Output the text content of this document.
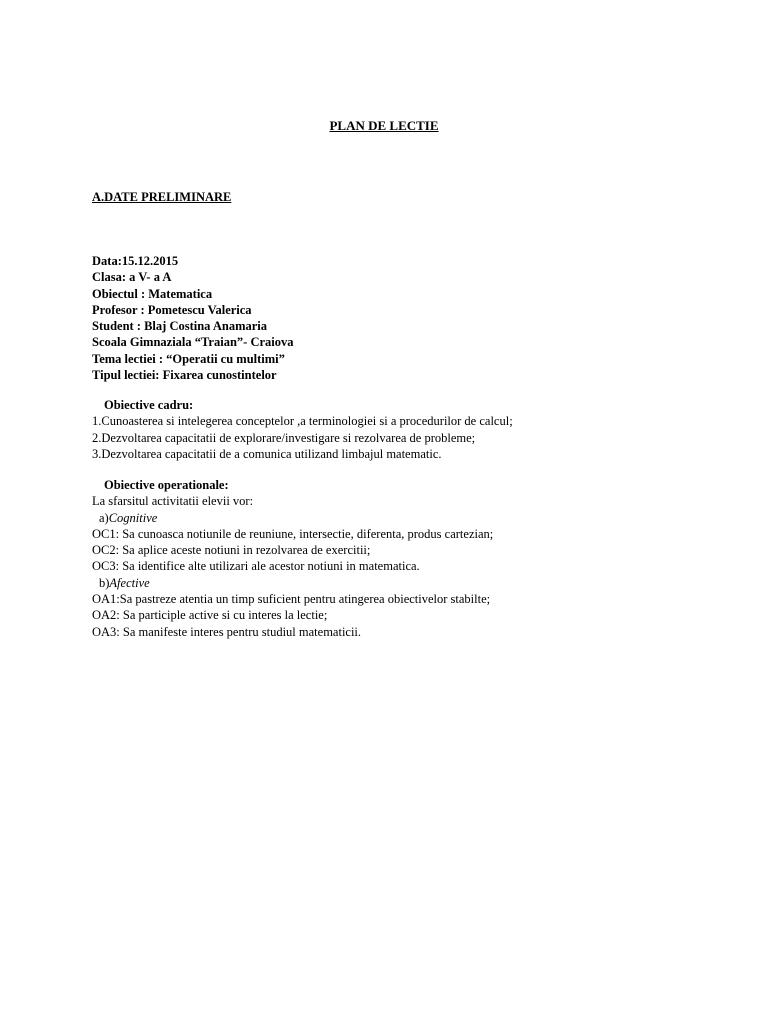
PLAN DE LECTIE
A.DATE PRELIMINARE
Data:15.12.2015
Clasa: a V- a A
Obiectul : Matematica
Profesor : Pometescu Valerica
Student : Blaj Costina Anamaria
Scoala Gimnaziala “Traian”- Craiova
Tema lectiei : “Operatii cu multimi”
Tipul lectiei: Fixarea cunostintelor
Obiective cadru:
1.Cunoasterea si intelegerea conceptelor ,a terminologiei si a procedurilor de calcul;
2.Dezvoltarea capacitatii de explorare/investigare si rezolvarea de probleme;
3.Dezvoltarea capacitatii de a comunica utilizand limbajul matematic.
Obiective operationale:
La sfarsitul activitatii elevii vor:
a)Cognitive
OC1: Sa cunoasca notiunile de reuniune, intersectie, diferenta, produs cartezian;
OC2: Sa aplice aceste notiuni in rezolvarea de exercitii;
OC3: Sa identifice alte utilizari ale acestor notiuni in matematica.
b)Afective
OA1:Sa pastreze atentia un timp suficient pentru atingerea obiectivelor stabilte;
OA2: Sa participle active si cu interes la lectie;
OA3: Sa manifeste interes pentru studiul matematicii.
